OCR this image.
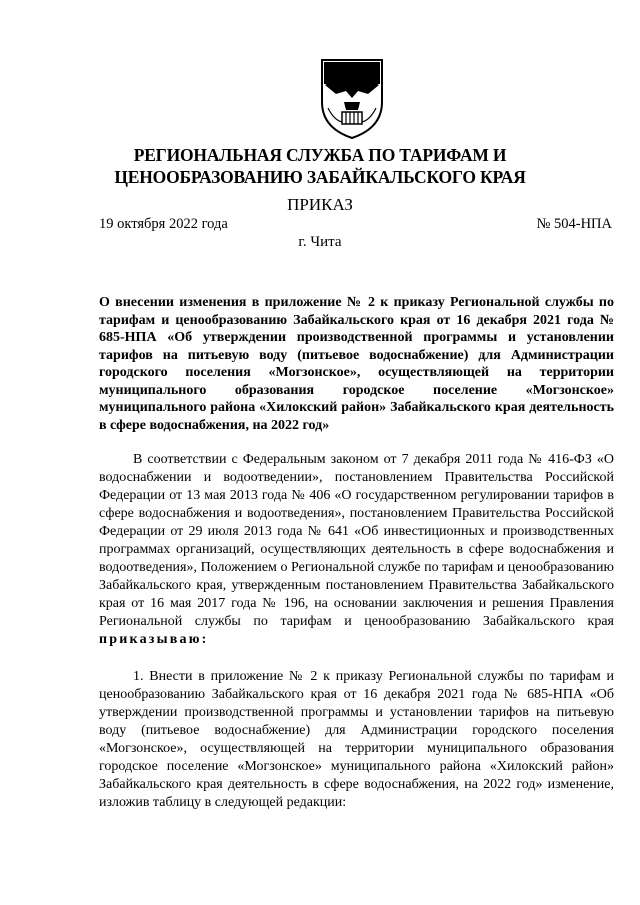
РЕГИОНАЛЬНАЯ СЛУЖБА ПО ТАРИФАМ И
ЦЕНООБРАЗОВАНИЮ ЗАБАЙКАЛЬСКОГО КРАЯ
ПРИКАЗ
19 октября 2022 года	№ 504-НПА
г. Чита
О внесении изменения в приложение № 2 к приказу Региональной службы по тарифам и ценообразованию Забайкальского края от 16 декабря 2021 года № 685-НПА «Об утверждении производственной программы и установлении тарифов на питьевую воду (питьевое водоснабжение) для Администрации городского поселения «Могзонское», осуществляющей на территории муниципального образования городское поселение «Могзонское» муниципального района «Хилокский район» Забайкальского края деятельность в сфере водоснабжения, на 2022 год»
В соответствии с Федеральным законом от 7 декабря 2011 года № 416-ФЗ «О водоснабжении и водоотведении», постановлением Правительства Российской Федерации от 13 мая 2013 года № 406 «О государственном регулировании тарифов в сфере водоснабжения и водоотведения», постановлением Правительства Российской Федерации от 29 июля 2013 года № 641 «Об инвестиционных и производственных программах организаций, осуществляющих деятельность в сфере водоснабжения и водоотведения», Положением о Региональной службе по тарифам и ценообразованию Забайкальского края, утвержденным постановлением Правительства Забайкальского края от 16 мая 2017 года № 196, на основании заключения и решения Правления Региональной службы по тарифам и ценообразованию Забайкальского края приказываю:
1. Внести в приложение № 2 к приказу Региональной службы по тарифам и ценообразованию Забайкальского края от 16 декабря 2021 года № 685-НПА «Об утверждении производственной программы и установлении тарифов на питьевую воду (питьевое водоснабжение) для Администрации городского поселения «Могзонское», осуществляющей на территории муниципального образования городское поселение «Могзонское» муниципального района «Хилокский район» Забайкальского края деятельность в сфере водоснабжения, на 2022 год» изменение, изложив таблицу в следующей редакции:
